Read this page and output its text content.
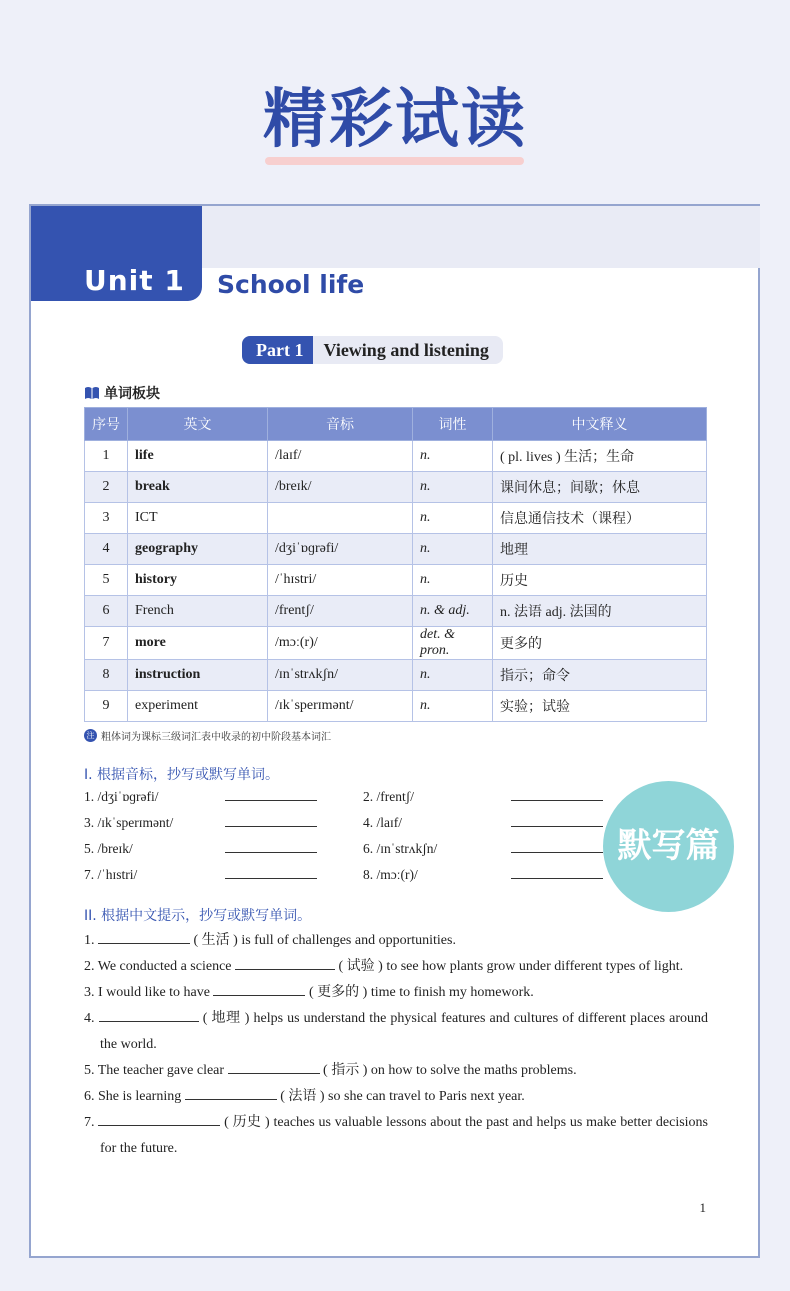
精彩试读
Unit 1 School life
Part 1	Viewing and listening
单词板块
序号	英文	音标	词性	中文释义
1	life	/laɪf/	n.	( pl. lives ) 生活；生命
2	break	/breɪk/	n.	课间休息；间歇；休息
3	ICT		n.	信息通信技术（课程）
4	geography	/dʒiˈɒɡrəfi/	n.	地理
5	history	/ˈhɪstri/	n.	历史
6	French	/frentʃ/	n. & adj.	n. 法语 adj. 法国的
7	more	/mɔː(r)/	det. & pron.	更多的
8	instruction	/ɪnˈstrʌkʃn/	n.	指示；命令
9	experiment	/ɪkˈsperɪmənt/	n.	实验；试验
注 粗体词为课标三级词汇表中收录的初中阶段基本词汇
I. 根据音标，抄写或默写单词。
1. /dʒiˈɒɡrəfi/	2. /frentʃ/
3. /ɪkˈsperɪmənt/	4. /laɪf/
5. /breɪk/	6. /ɪnˈstrʌkʃn/
7. /ˈhɪstri/	8. /mɔː(r)/
II. 根据中文提示，抄写或默写单词。
1.	( 生活 ) is full of challenges and opportunities.
2. We conducted a science	( 试验 ) to see how plants grow under different types of light.
3. I would like to have	( 更多的 ) time to finish my homework.
4.	( 地理 ) helps us understand the physical features and cultures of different places around the world.
5. The teacher gave clear	( 指示 ) on how to solve the maths problems.
6. She is learning	( 法语 ) so she can travel to Paris next year.
7.	( 历史 ) teaches us valuable lessons about the past and helps us make better decisions for the future.
1
默写篇
